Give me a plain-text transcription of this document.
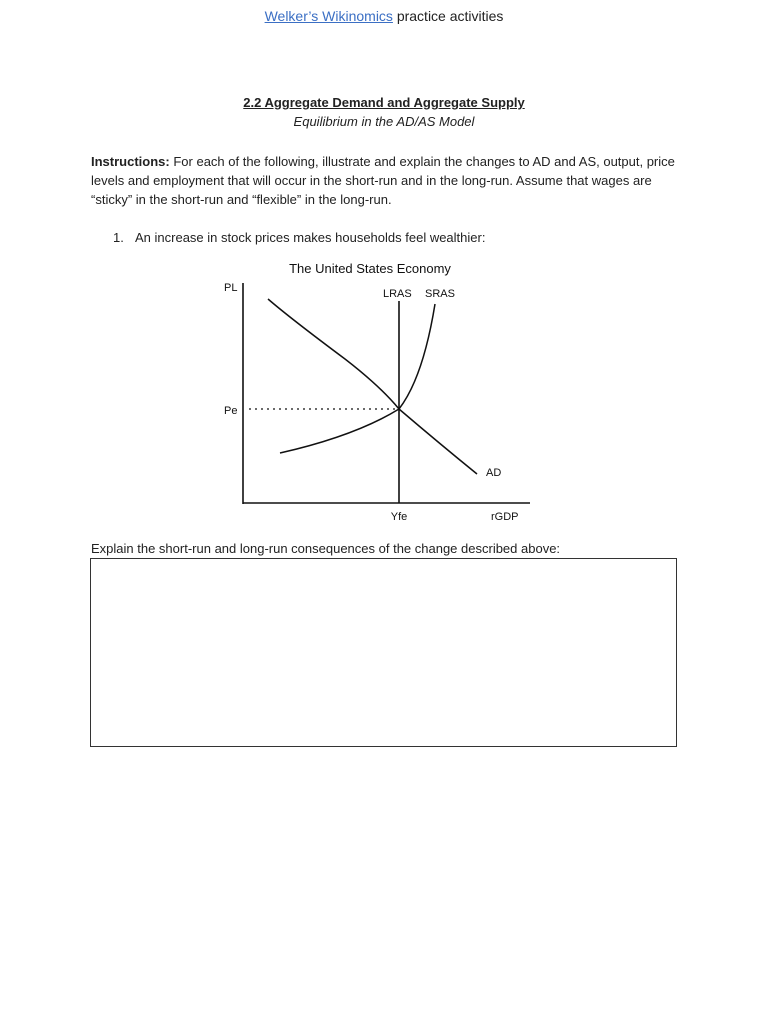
Welker’s Wikinomics practice activities
2.2 Aggregate Demand and Aggregate Supply
Equilibrium in the AD/AS Model
Instructions: For each of the following, illustrate and explain the changes to AD and AS, output, price levels and employment that will occur in the short-run and in the long-run. Assume that wages are “sticky” in the short-run and “flexible” in the long-run.
1. An increase in stock prices makes households feel wealthier:
The United States Economy
PL	LRAS SRAS
Pe
AD
Yfe	rGDP
Explain the short-run and long-run consequences of the change described above:
